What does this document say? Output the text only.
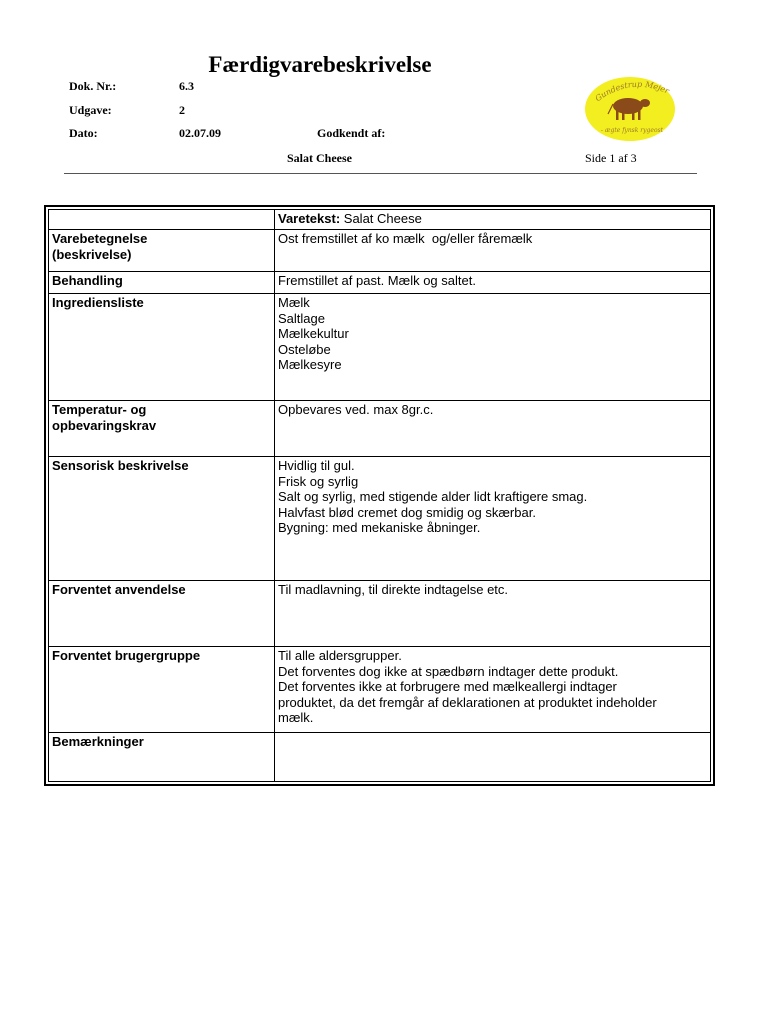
Færdigvarebeskrivelse
Dok. Nr.:	6.3
Udgave:	2
Dato:	02.07.09	Godkendt af:
Salat Cheese	Side 1 af 3
Gundestrup Mejer
- ægte fynsk rygeost
	Varetekst: Salat Cheese

Varebetegnelse
(beskrivelse)	Ost fremstillet af ko mælk  og/eller fåremælk

Behandling	Fremstillet af past. Mælk og saltet.

Ingrediensliste	Mælk
Saltlage
Mælkekultur
Osteløbe
Mælkesyre

Temperatur- og
opbevaringskrav	Opbevares ved. max 8gr.c.

Sensorisk beskrivelse	Hvidlig til gul.
Frisk og syrlig
Salt og syrlig, med stigende alder lidt kraftigere smag.
Halvfast blød cremet dog smidig og skærbar.
Bygning: med mekaniske åbninger.

Forventet anvendelse	Til madlavning, til direkte indtagelse etc.

Forventet brugergruppe	Til alle aldersgrupper.
Det forventes dog ikke at spædbørn indtager dette produkt.
Det forventes ikke at forbrugere med mælkeallergi indtager
produktet, da det fremgår af deklarationen at produktet indeholder
mælk.

Bemærkninger	
